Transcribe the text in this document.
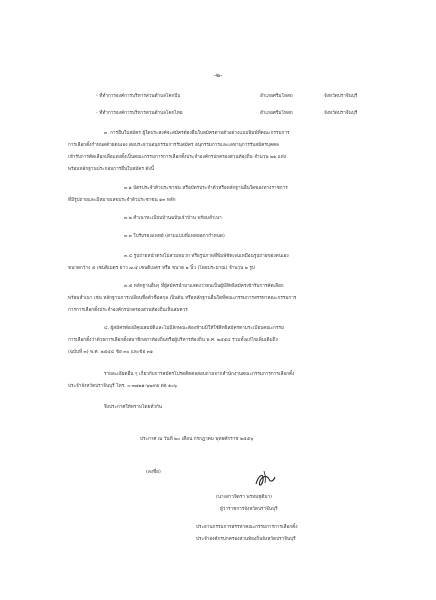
-๒-
- ที่ทำการองค์การบริหารส่วนตำบลโคกปีบ	อำเภอศรีมโหสถ	จังหวัดปราจีนบุรี
- ที่ทำการองค์การบริหารส่วนตำบลโคกไทย	อำเภอศรีมโหสถ	จังหวัดปราจีนบุรี
๓. การยื่นใบสมัคร ผู้ใดประสงค์จะสมัครต้องยื่นใบสมัครตามตัวอย่างแบบพิมพ์ที่คณะกรรมการ
การเลือกตั้งกำหนดด้วยตนเอง ต่อประธานอนุกรรมการรับสมัคร อนุกรรมการและเลขานุการรับสมัครบุคคล
เข้ารับการคัดเลือกเพื่อแต่งตั้งเป็นคณะกรรมการการเลือกตั้งประจำองค์กรปกครองส่วนท้องถิ่น จำนวน ๒๑ แห่ง
พร้อมหลักฐานประกอบการยื่นใบสมัคร ดังนี้
๓.๑ บัตรประจำตัวประชาชน หรือบัตรประจำตัวหรือหลักฐานอื่นใดของทางราชการ
ที่มีรูปถ่ายและมีหมายเลขประจำตัวประชาชน ๑๓ หลัก
๓.๒ สำเนาทะเบียนบ้านฉบับเจ้าบ้าน พร้อมสำเนา
๓.๓ ใบรับรองแพทย์ (ตามแบบที่แพทยสภากำหนด)
๓.๔ รูปถ่ายหน้าตรงไม่สวมหมวก หรือรูปภาพที่พิมพ์ชัดเจนเหมือนรูปถ่ายของตนเอง
ขนาดกว้าง ๕ เซนติเมตร ยาว ๗.๕ เซนติเมตร หรือ ขนาด ๒ นิ้ว (โดยประมาณ) จำนวน ๒ รูป
๓.๕ หลักฐานอื่นๆ ที่ผู้สมัครนำมาแสดงว่าตนเป็นผู้มีสิทธิสมัครเข้ารับการคัดเลือก
พร้อมสำเนา เช่น หลักฐานการเปลี่ยนชื่อตัวชื่อสกุล เป็นต้น หรือหลักฐานอื่นใดที่คณะกรรมการสรรหาคณะกรรมการ
การการเลือกตั้งประจำองค์กรปกครองส่วนท้องถิ่นเห็นสมควร
๔. ผู้สมัครต้องมีคุณสมบัติและไม่มีลักษณะต้องห้ามมิให้ใช้สิทธิสมัครตามระเบียบคณะกรรม
การเลือกตั้งว่าด้วยการเลือกตั้งสมาชิกสภาท้องถิ่นหรือผู้บริหารท้องถิ่น พ.ศ. ๒๕๕๔ รวมทั้งแก้ไขเพิ่มเติมถึง
(ฉบับที่ ๓) พ.ศ. ๒๕๕๔ ข้อ ๓๐ และข้อ ๓๑
รายละเอียดอื่น ๆ เกี่ยวกับการสมัครโปรดติดต่อสอบถามจากสำนักงานคณะกรรมการการเลือกตั้ง
ประจำจังหวัดปราจีนบุรี โทร. ๐-๓๗๒๑-๖๒๙๕ ต่อ ๑๐๖
จึงประกาศให้ทราบโดยทั่วกัน
ประกาศ ณ วันที่ ๒๐ เดือน กรกฎาคม พุทธศักราช ๒๕๕๖
(ลงชื่อ)
(นางสาวจิตรา พรหมชุติมา)
ผู้ว่าราชการจังหวัดปราจีนบุรี
ประธานกรรมการสรรหาคณะกรรมการการเลือกตั้ง
ประจำองค์กรปกครองส่วนท้องถิ่นจังหวัดปราจีนบุรี
